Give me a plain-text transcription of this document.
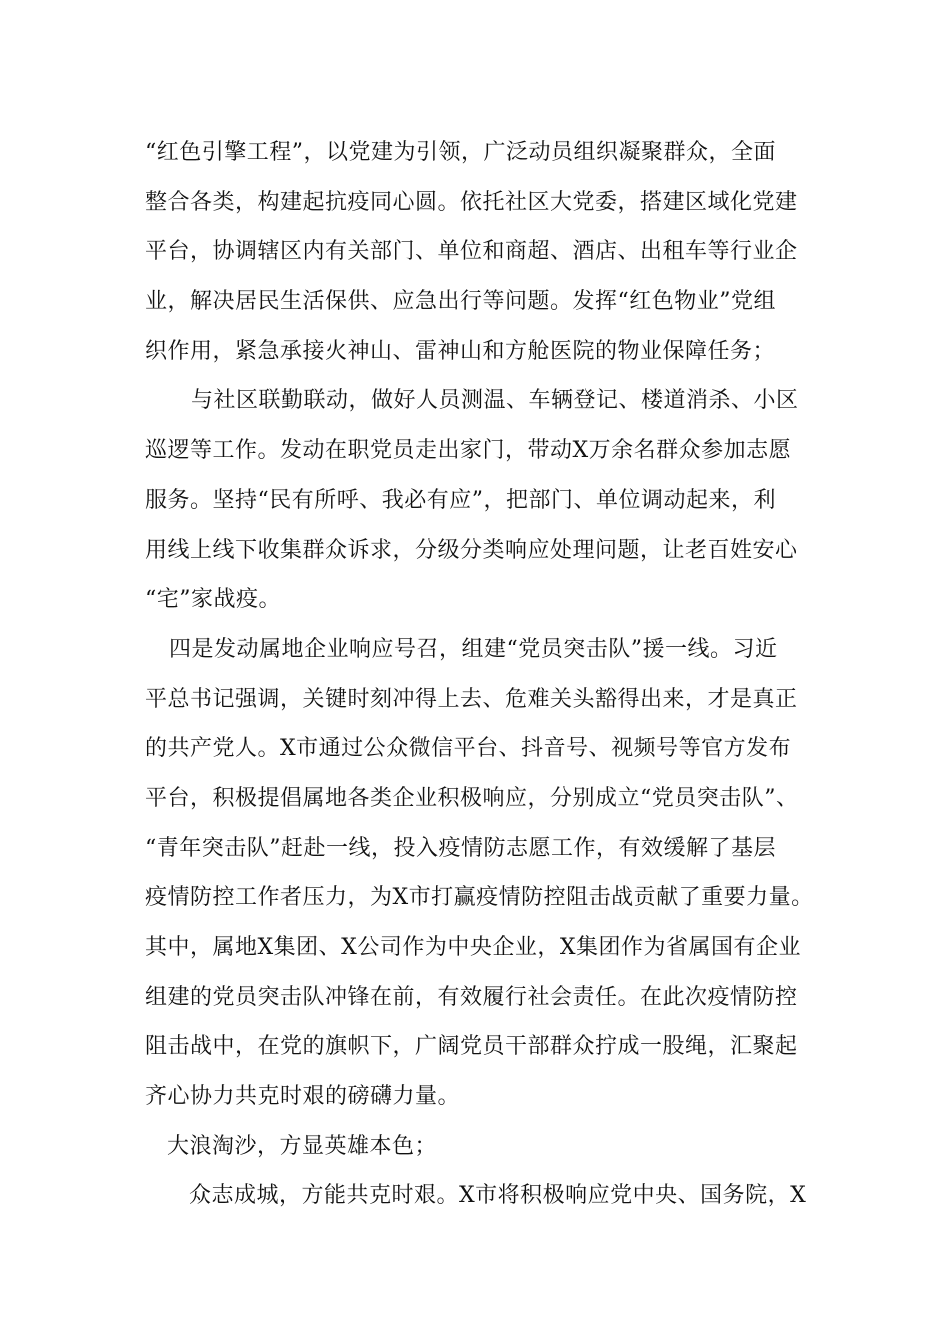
“红色引擎工程”，以党建为引领，广泛动员组织凝聚群众，全面
整合各类，构建起抗疫同心圆。依托社区大党委，搭建区域化党建
平台，协调辖区内有关部门、单位和商超、酒店、出租车等行业企
业，解决居民生活保供、应急出行等问题。发挥“红色物业”党组
织作用，紧急承接火神山、雷神山和方舱医院的物业保障任务；
与社区联勤联动，做好人员测温、车辆登记、楼道消杀、小区
巡逻等工作。发动在职党员走出家门，带动X万余名群众参加志愿
服务。坚持“民有所呼、我必有应”，把部门、单位调动起来，利
用线上线下收集群众诉求，分级分类响应处理问题，让老百姓安心
“宅”家战疫。
四是发动属地企业响应号召，组建“党员突击队”援一线。习近
平总书记强调，关键时刻冲得上去、危难关头豁得出来，才是真正
的共产党人。X市通过公众微信平台、抖音号、视频号等官方发布
平台，积极提倡属地各类企业积极响应，分别成立“党员突击队”、
“青年突击队”赶赴一线，投入疫情防志愿工作，有效缓解了基层
疫情防控工作者压力，为X市打赢疫情防控阻击战贡献了重要力量。
其中，属地X集团、X公司作为中央企业，X集团作为省属国有企业
组建的党员突击队冲锋在前，有效履行社会责任。在此次疫情防控
阻击战中，在党的旗帜下，广阔党员干部群众拧成一股绳，汇聚起
齐心协力共克时艰的磅礴力量。
大浪淘沙，方显英雄本色；
众志成城，方能共克时艰。X市将积极响应党中央、国务院，X
